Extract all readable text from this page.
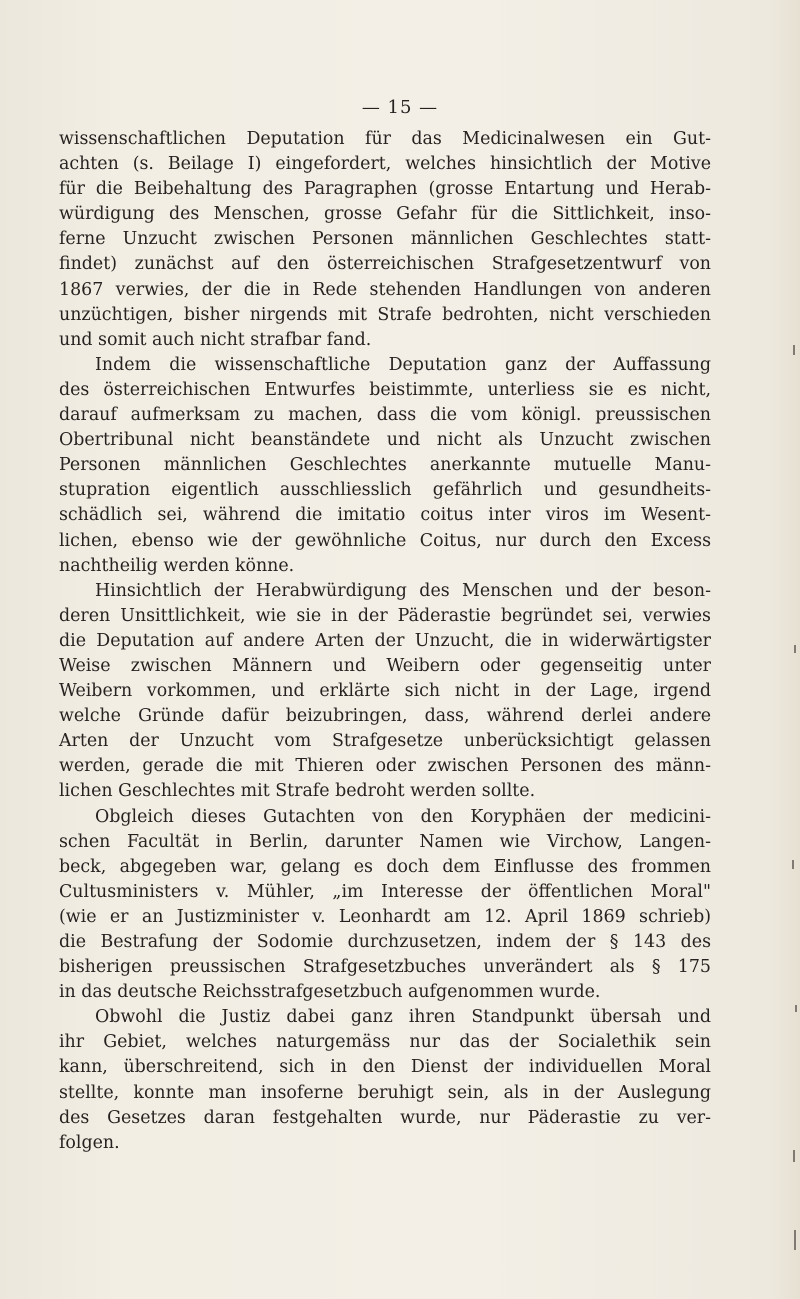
— 15 —
wissenschaftlichen Deputation für das Medicinalwesen ein Gut-
achten (s. Beilage I) eingefordert, welches hinsichtlich der Motive
für die Beibehaltung des Paragraphen (grosse Entartung und Herab-
würdigung des Menschen, grosse Gefahr für die Sittlichkeit, inso-
ferne Unzucht zwischen Personen männlichen Geschlechtes statt-
findet) zunächst auf den österreichischen Strafgesetzentwurf von
1867 verwies, der die in Rede stehenden Handlungen von anderen
unzüchtigen, bisher nirgends mit Strafe bedrohten, nicht verschieden
und somit auch nicht strafbar fand.
Indem die wissenschaftliche Deputation ganz der Auffassung
des österreichischen Entwurfes beistimmte, unterliess sie es nicht,
darauf aufmerksam zu machen, dass die vom königl. preussischen
Obertribunal nicht beanständete und nicht als Unzucht zwischen
Personen männlichen Geschlechtes anerkannte mutuelle Manu-
stupration eigentlich ausschliesslich gefährlich und gesundheits-
schädlich sei, während die imitatio coitus inter viros im Wesent-
lichen, ebenso wie der gewöhnliche Coitus, nur durch den Excess
nachtheilig werden könne.
Hinsichtlich der Herabwürdigung des Menschen und der beson-
deren Unsittlichkeit, wie sie in der Päderastie begründet sei, verwies
die Deputation auf andere Arten der Unzucht, die in widerwärtigster
Weise zwischen Männern und Weibern oder gegenseitig unter
Weibern vorkommen, und erklärte sich nicht in der Lage, irgend
welche Gründe dafür beizubringen, dass, während derlei andere
Arten der Unzucht vom Strafgesetze unberücksichtigt gelassen
werden, gerade die mit Thieren oder zwischen Personen des männ-
lichen Geschlechtes mit Strafe bedroht werden sollte.
Obgleich dieses Gutachten von den Koryphäen der medicini-
schen Facultät in Berlin, darunter Namen wie Virchow, Langen-
beck, abgegeben war, gelang es doch dem Einflusse des frommen
Cultusministers v. Mühler, „im Interesse der öffentlichen Moral"
(wie er an Justizminister v. Leonhardt am 12. April 1869 schrieb)
die Bestrafung der Sodomie durchzusetzen, indem der § 143 des
bisherigen preussischen Strafgesetzbuches unverändert als § 175
in das deutsche Reichsstrafgesetzbuch aufgenommen wurde.
Obwohl die Justiz dabei ganz ihren Standpunkt übersah und
ihr Gebiet, welches naturgemäss nur das der Socialethik sein
kann, überschreitend, sich in den Dienst der individuellen Moral
stellte, konnte man insoferne beruhigt sein, als in der Auslegung
des Gesetzes daran festgehalten wurde, nur Päderastie zu ver-
folgen.
